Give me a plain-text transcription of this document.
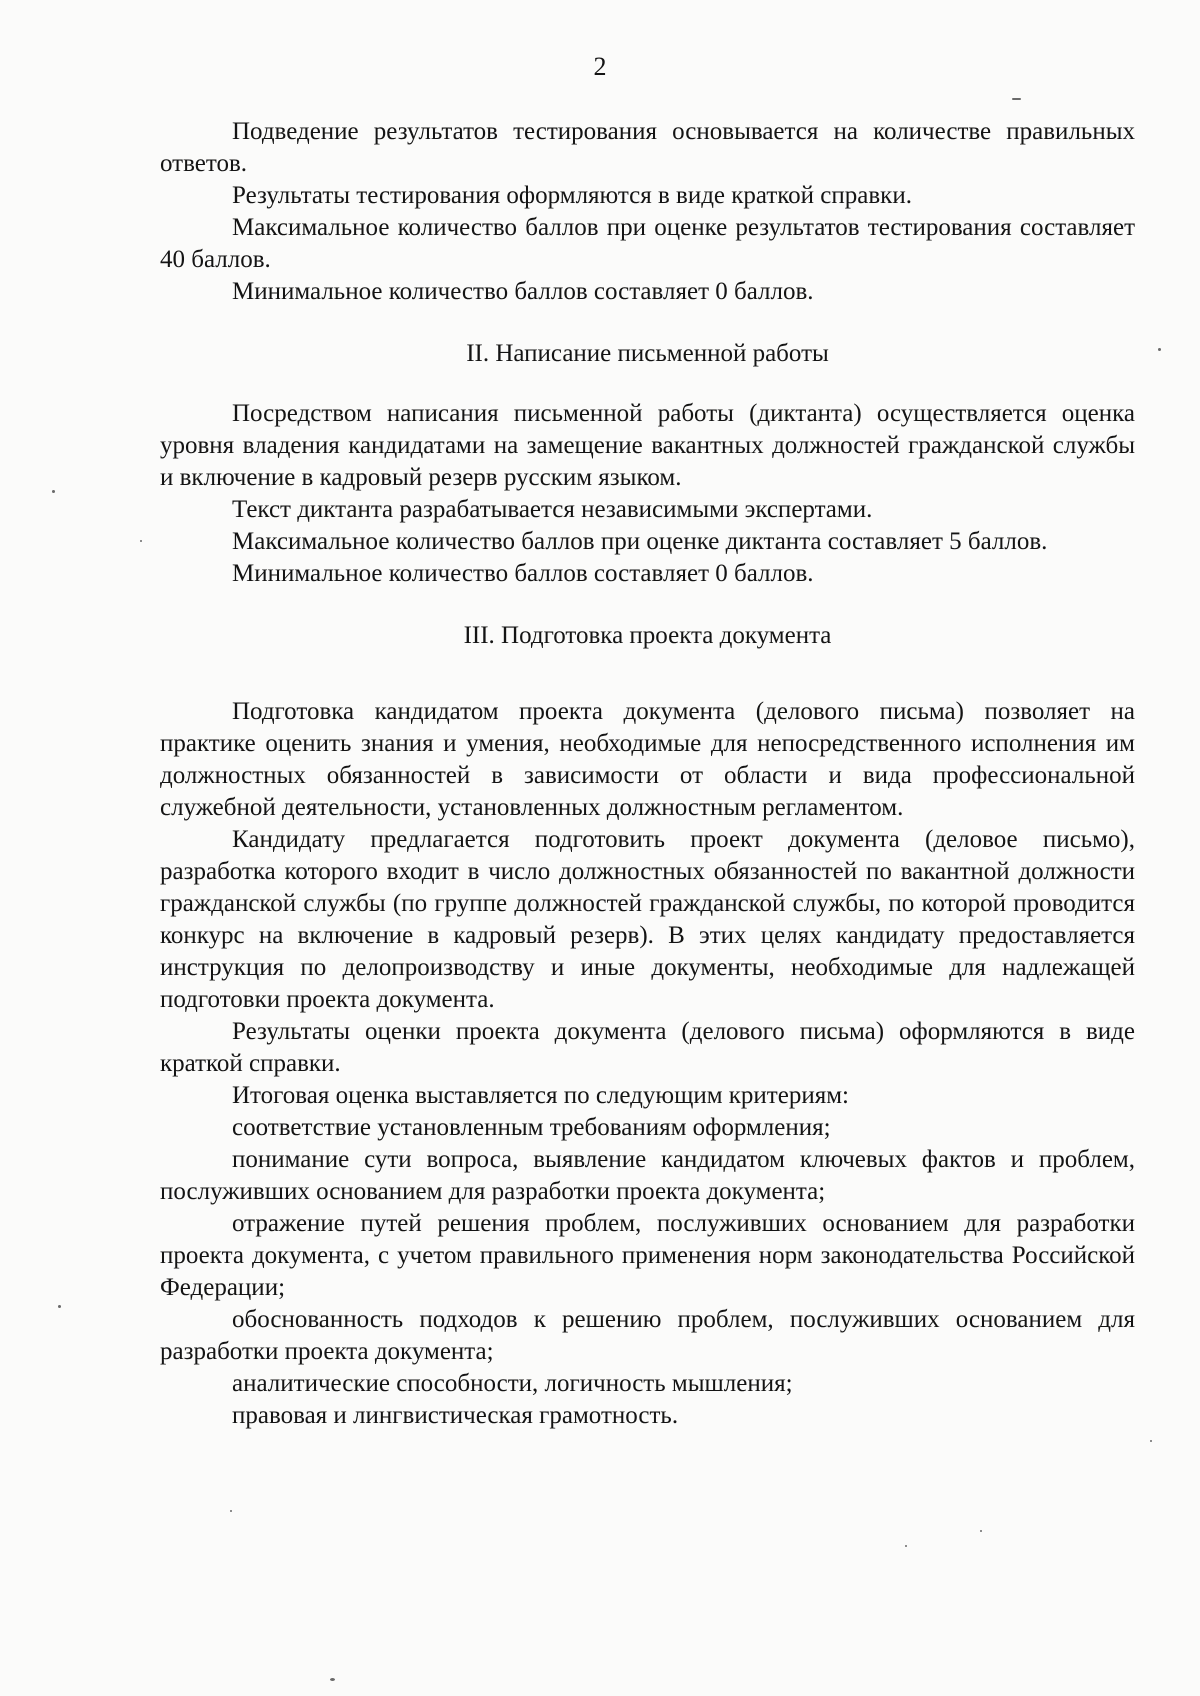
2

Подведение результатов тестирования основывается на количестве правильных ответов.

Результаты тестирования оформляются в виде краткой справки.

Максимальное количество баллов при оценке результатов тестирования составляет 40 баллов.

Минимальное количество баллов составляет 0 баллов.

II. Написание письменной работы

Посредством написания письменной работы (диктанта) осуществляется оценка уровня владения кандидатами на замещение вакантных должностей гражданской службы и включение в кадровый резерв русским языком.

Текст диктанта разрабатывается независимыми экспертами.

Максимальное количество баллов при оценке диктанта составляет 5 баллов.

Минимальное количество баллов составляет 0 баллов.

III. Подготовка проекта документа

Подготовка кандидатом проекта документа (делового письма) позволяет на практике оценить знания и умения, необходимые для непосредственного исполнения им должностных обязанностей в зависимости от области и вида профессиональной служебной деятельности, установленных должностным регламентом.

Кандидату предлагается подготовить проект документа (деловое письмо), разработка которого входит в число должностных обязанностей по вакантной должности гражданской службы (по группе должностей гражданской службы, по которой проводится конкурс на включение в кадровый резерв). В этих целях кандидату предоставляется инструкция по делопроизводству и иные документы, необходимые для надлежащей подготовки проекта документа.

Результаты оценки проекта документа (делового письма) оформляются в виде краткой справки.

Итоговая оценка выставляется по следующим критериям:

соответствие установленным требованиям оформления;

понимание сути вопроса, выявление кандидатом ключевых фактов и проблем, послуживших основанием для разработки проекта документа;

отражение путей решения проблем, послуживших основанием для разработки проекта документа, с учетом правильного применения норм законодательства Российской Федерации;

обоснованность подходов к решению проблем, послуживших основанием для разработки проекта документа;

аналитические способности, логичность мышления;

правовая и лингвистическая грамотность.
